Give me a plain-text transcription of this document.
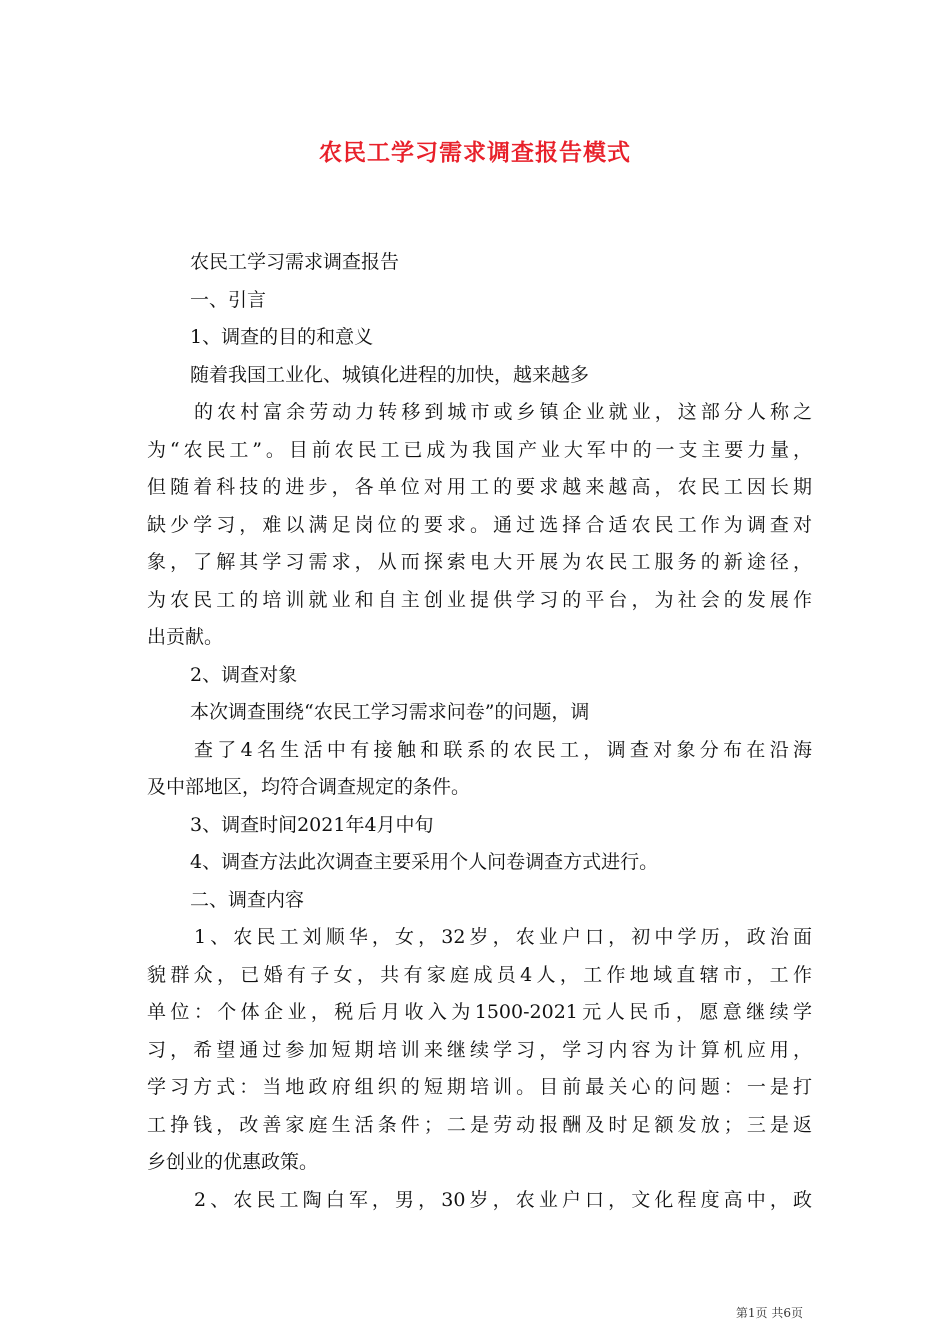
农民工学习需求调查报告模式
农民工学习需求调查报告
一、引言
1、调查的目的和意义
随着我国工业化、城镇化进程的加快，越来越多
的农村富余劳动力转移到城市或乡镇企业就业，这部分人称之
为“农民工”。目前农民工已成为我国产业大军中的一支主要力量，
但随着科技的进步，各单位对用工的要求越来越高，农民工因长期
缺少学习，难以满足岗位的要求。通过选择合适农民工作为调查对
象，了解其学习需求，从而探索电大开展为农民工服务的新途径，
为农民工的培训就业和自主创业提供学习的平台，为社会的发展作
出贡献。
2、调查对象
本次调查围绕“农民工学习需求问卷”的问题，调
查了4名生活中有接触和联系的农民工，调查对象分布在沿海
及中部地区，均符合调查规定的条件。
3、调查时间2021年4月中旬
4、调查方法此次调查主要采用个人问卷调查方式进行。
二、调查内容
1、农民工刘顺华，女，32岁，农业户口，初中学历，政治面
貌群众，已婚有子女，共有家庭成员4人，工作地域直辖市，工作
单位：个体企业，税后月收入为1500-2021元人民币，愿意继续学
习，希望通过参加短期培训来继续学习，学习内容为计算机应用，
学习方式：当地政府组织的短期培训。目前最关心的问题：一是打
工挣钱，改善家庭生活条件；二是劳动报酬及时足额发放；三是返
乡创业的优惠政策。
2、农民工陶白军，男，30岁，农业户口，文化程度高中，政
第1页 共6页
